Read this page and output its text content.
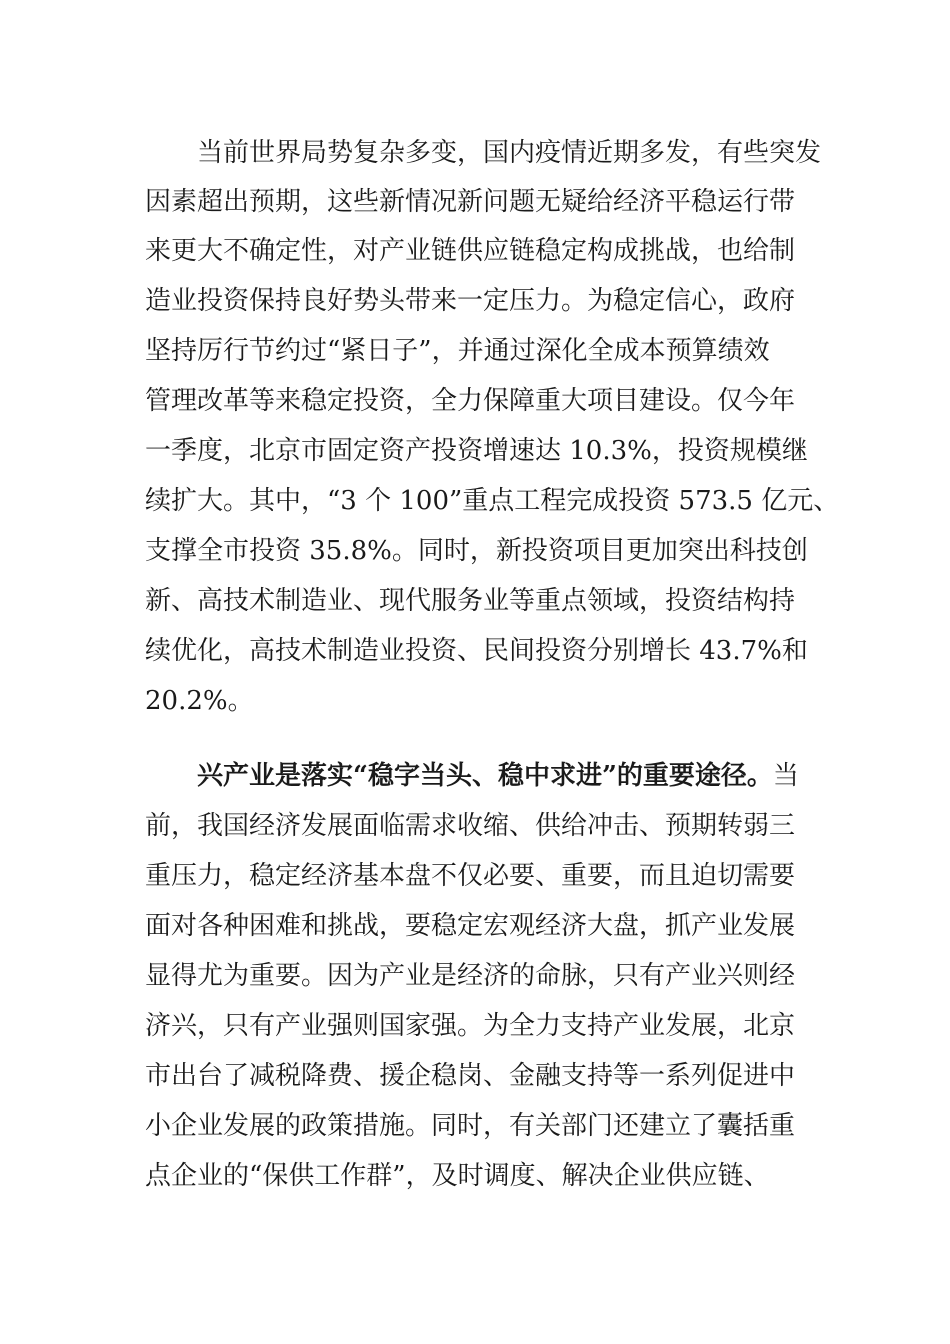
　　当前世界局势复杂多变，国内疫情近期多发，有些突发
因素超出预期，这些新情况新问题无疑给经济平稳运行带
来更大不确定性，对产业链供应链稳定构成挑战，也给制
造业投资保持良好势头带来一定压力。为稳定信心，政府
坚持厉行节约过“紧日子”，并通过深化全成本预算绩效
管理改革等来稳定投资，全力保障重大项目建设。仅今年
一季度，北京市固定资产投资增速达 10.3%，投资规模继
续扩大。其中，“3 个 100”重点工程完成投资 573.5 亿元、
支撑全市投资 35.8%。同时，新投资项目更加突出科技创
新、高技术制造业、现代服务业等重点领域，投资结构持
续优化，高技术制造业投资、民间投资分别增长 43.7%和
20.2%。
　　兴产业是落实“稳字当头、稳中求进”的重要途径。当
前，我国经济发展面临需求收缩、供给冲击、预期转弱三
重压力，稳定经济基本盘不仅必要、重要，而且迫切需要
面对各种困难和挑战，要稳定宏观经济大盘，抓产业发展
显得尤为重要。因为产业是经济的命脉，只有产业兴则经
济兴，只有产业强则国家强。为全力支持产业发展，北京
市出台了减税降费、援企稳岗、金融支持等一系列促进中
小企业发展的政策措施。同时，有关部门还建立了囊括重
点企业的“保供工作群”，及时调度、解决企业供应链、
